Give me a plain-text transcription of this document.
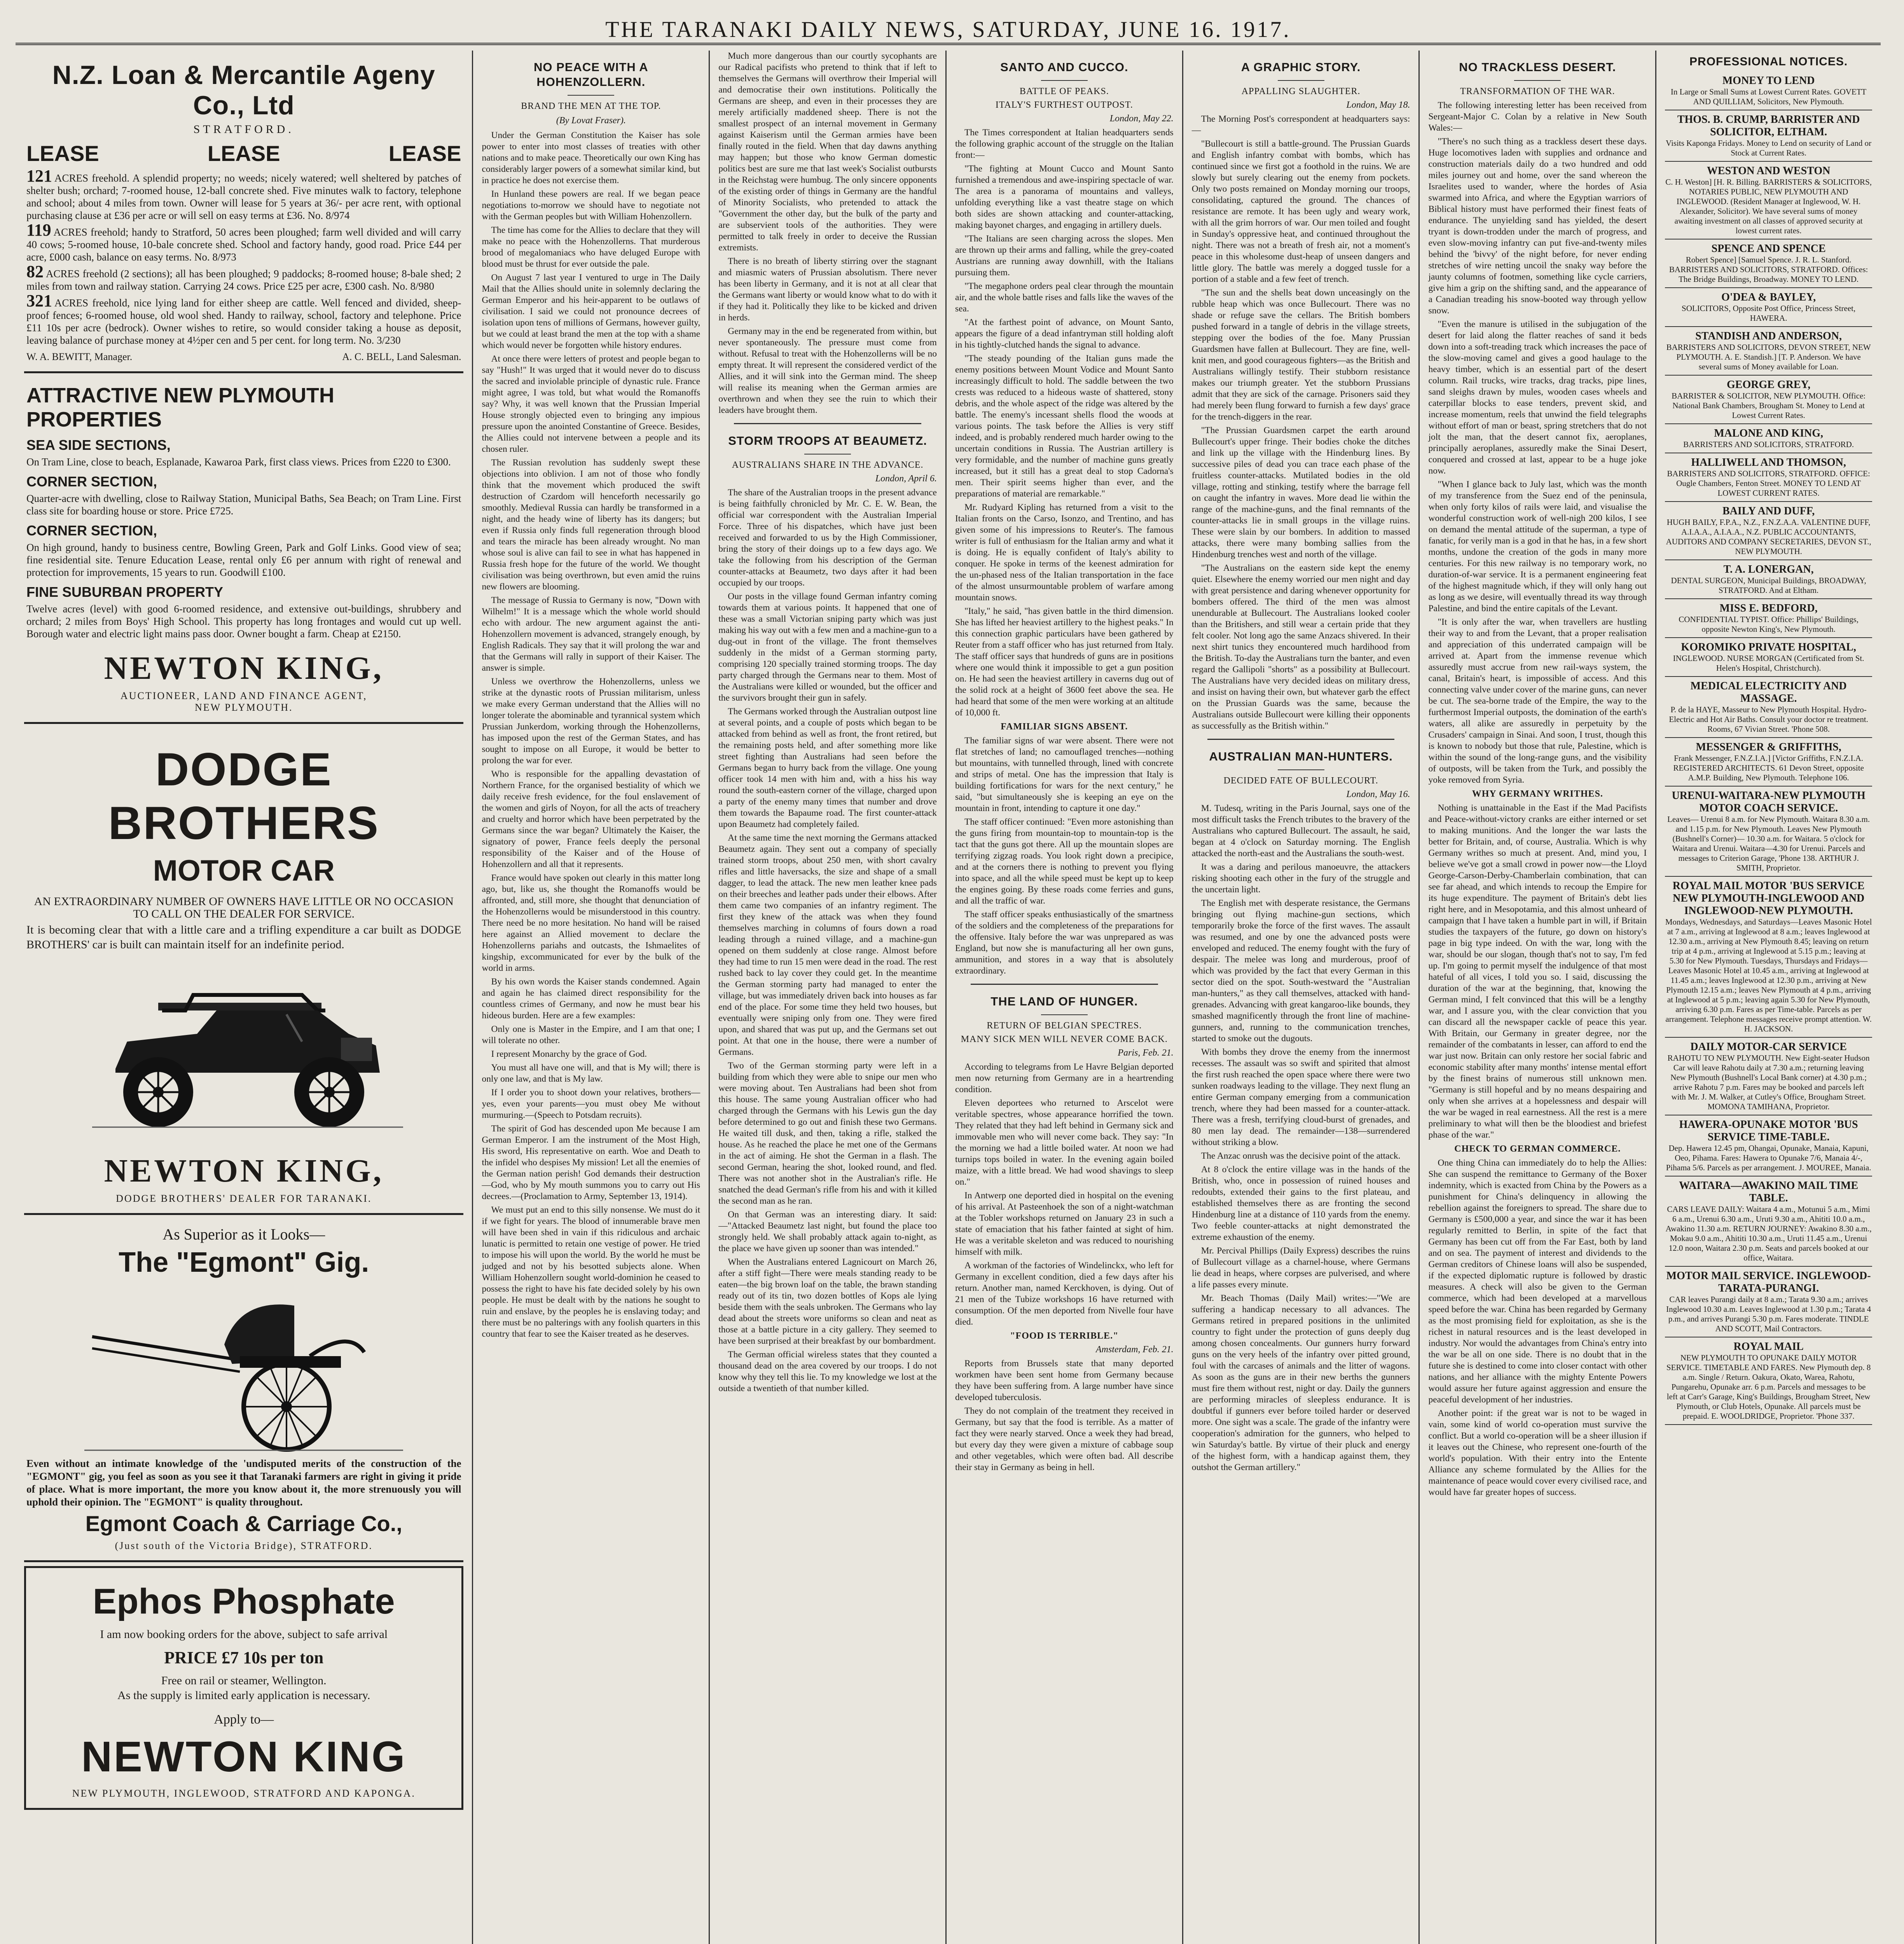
THE TARANAKI DAILY NEWS, SATURDAY, JUNE 16. 1917.
N.Z. Loan & Mercantile Ageny Co., Ltd
STRATFORD.
LEASE	LEASE	LEASE

121 ACRES freehold. A splendid property; no weeds; nicely watered; well sheltered by patches of shelter bush; orchard; 7-roomed house, 12-ball concrete shed. Five minutes walk to factory, telephone and school; about 4 miles from town. Owner will lease for 5 years at 36/- per acre rent, with optional purchasing clause at £36 per acre or will sell on easy terms at £36. No. 8/974

119 ACRES freehold; handy to Stratford, 50 acres been ploughed; farm well divided and will carry 40 cows; 5-roomed house, 10-bale concrete shed. School and factory handy, good road. Price £44 per acre, £000 cash, balance on easy terms. No. 8/973

82 ACRES freehold (2 sections); all has been ploughed; 9 paddocks; 8-roomed house; 8-bale shed; 2 miles from town and railway station. Carrying 24 cows. Price £25 per acre, £300 cash. No. 8/980

321 ACRES freehold, nice lying land for either sheep are cattle. Well fenced and divided, sheep-proof fences; 6-roomed house, old wool shed. Handy to railway, school, factory and telephone. Price £11 10s per acre (bedrock). Owner wishes to retire, so would consider taking a house as deposit, leaving balance of purchase money at 4½per cen and 5 per cent. for long term. No. 3/230

W. A. BEWITT, Manager.	A. C. BELL, Land Salesman.
ATTRACTIVE NEW PLYMOUTH PROPERTIES
SEA SIDE SECTIONS,

On Tram Line, close to beach, Esplanade, Kawaroa Park, first class views. Prices from £220 to £300.

CORNER SECTION,

Quarter-acre with dwelling, close to Railway Station, Municipal Baths, Sea Beach; on Tram Line. First class site for boarding house or store. Price £725.

CORNER SECTION,

On high ground, handy to business centre, Bowling Green, Park and Golf Links. Good view of sea; fine residential site. Tenure Education Lease, rental only £6 per annum with right of renewal and protection for improvements, 15 years to run. Goodwill £100.

FINE SUBURBAN PROPERTY

Twelve acres (level) with good 6-roomed residence, and extensive out-buildings, shrubbery and orchard; 2 miles from Boys' High School. This property has long frontages and would cut up well. Borough water and electric light mains pass door. Owner bought a farm. Cheap at £2150.

NEWTON KING,
AUCTIONEER, LAND AND FINANCE AGENT,
NEW PLYMOUTH.
DODGE BROTHERS
MOTOR CAR

AN EXTRAORDINARY NUMBER OF OWNERS HAVE LITTLE OR NO OCCASION TO CALL ON THE DEALER FOR SERVICE.

It is becoming clear that with a little care and a trifling expenditure a car built as DODGE BROTHERS' car is built can maintain itself for an indefinite period.

NEWTON KING,
DODGE BROTHERS' DEALER FOR TARANAKI.
As Superior as it Looks—
The "Egmont" Gig.

Even without an intimate knowledge of the 'undisputed merits of the construction of the "EGMONT" gig, you feel as soon as you see it that Taranaki farmers are right in giving it pride of place. What is more important, the more you know about it, the more strenuously you will uphold their opinion. The "EGMONT" is quality throughout.

Egmont Coach & Carriage Co.,
(Just south of the Victoria Bridge), STRATFORD.
Ephos Phosphate

I am now booking orders for the above, subject to safe arrival

PRICE £7 10s per ton

Free on rail or steamer, Wellington.

As the supply is limited early application is necessary.

Apply to—

NEWTON KING
NEW PLYMOUTH, INGLEWOOD, STRATFORD AND KAPONGA.
NO PEACE WITH A HOHENZOLLERN.
BRAND THE MEN AT THE TOP.
(By Lovat Fraser).

Under the German Constitution the Kaiser has sole power to enter into most classes of treaties with other nations and to make peace. Theoretically our own King has considerably larger powers of a somewhat similar kind, but in practice he does not exercise them.

In Hunland these powers are real. If we began peace negotiations to-morrow we should have to negotiate not with the German peoples but with William Hohenzollern.

The time has come for the Allies to declare that they will make no peace with the Hohenzollerns. That murderous brood of megalomaniacs who have deluged Europe with blood must be thrust for ever outside the pale.

On August 7 last year I ventured to urge in The Daily Mail that the Allies should unite in solemnly declaring the German Emperor and his heir-apparent to be outlaws of civilisation. I said we could not pronounce decrees of isolation upon tens of millions of Germans, however guilty, but we could at least brand the men at the top with a shame which would never be forgotten while history endures.

At once there were letters of protest and people began to say "Hush!" It was urged that it would never do to discuss the sacred and inviolable principle of dynastic rule. France might agree, I was told, but what would the Romanoffs say? Why, it was well known that the Prussian Imperial House strongly objected even to bringing any impious pressure upon the anointed Constantine of Greece. Besides, the Allies could not intervene between a people and its chosen ruler.

The Russian revolution has suddenly swept these objections into oblivion. I am not of those who fondly think that the movement which produced the swift destruction of Czardom will henceforth necessarily go smoothly. Medieval Russia can hardly be transformed in a night, and the heady wine of liberty has its dangers; but even if Russia only finds full regeneration through blood and tears the miracle has been already wrought. No man whose soul is alive can fail to see in what has happened in Russia fresh hope for the future of the world. We thought civilisation was being overthrown, but even amid the ruins new flowers are blooming.

The message of Russia to Germany is now, "Down with Wilhelm!" It is a message which the whole world should echo with ardour. The new argument against the anti-Hohenzollern movement is advanced, strangely enough, by English Radicals. They say that it will prolong the war and that the Germans will rally in support of their Kaiser. The answer is simple.

Unless we overthrow the Hohenzollerns, unless we strike at the dynastic roots of Prussian militarism, unless we make every German understand that the Allies will no longer tolerate the abominable and tyrannical system which Prussian Junkerdom, working through the Hohenzollerns, has imposed upon the rest of the German States, and has sought to impose on all Europe, it would be better to prolong the war for ever.

Who is responsible for the appalling devastation of Northern France, for the organised bestiality of which we daily receive fresh evidence, for the foul enslavement of the women and girls of Noyon, for all the acts of treachery and cruelty and horror which have been perpetrated by the Germans since the war began? Ultimately the Kaiser, the signatory of power, France feels deeply the personal responsibility of the Kaiser and of the House of Hohenzollern and all that it represents.

France would have spoken out clearly in this matter long ago, but, like us, she thought the Romanoffs would be affronted, and, still more, she thought that denunciation of the Hohenzollerns would be misunderstood in this country. There need be no more hesitation. No hand will be raised here against an Allied movement to declare the Hohenzollerns pariahs and outcasts, the Ishmaelites of kingship, excommunicated for ever by the bulk of the world in arms.

By his own words the Kaiser stands condemned. Again and again he has claimed direct responsibility for the countless crimes of Germany, and now he must bear his hideous burden. Here are a few examples:

Only one is Master in the Empire, and I am that one; I will tolerate no other.

I represent Monarchy by the grace of God.

You must all have one will, and that is My will; there is only one law, and that is My law.

If I order you to shoot down your relatives, brothers—yes, even your parents—you must obey Me without murmuring.—(Speech to Potsdam recruits).

The spirit of God has descended upon Me because I am German Emperor. I am the instrument of the Most High, His sword, His representative on earth. Woe and Death to the infidel who despises My mission! Let all the enemies of the German nation perish! God demands their destruction—God, who by My mouth summons you to carry out His decrees.—(Proclamation to Army, September 13, 1914).

We must put an end to this silly nonsense. We must do it if we fight for years. The blood of innumerable brave men will have been shed in vain if this ridiculous and archaic lunatic is permitted to retain one vestige of power. He tried to impose his will upon the world. By the world he must be judged and not by his besotted subjects alone. When William Hohenzollern sought world-dominion he ceased to possess the right to have his fate decided solely by his own people. He must be dealt with by the nations he sought to ruin and enslave, by the peoples he is enslaving today; and there must be no palterings with any foolish quarters in this country that fear to see the Kaiser treated as he deserves.

Much more dangerous than our courtly sycophants are our Radical pacifists who pretend to think that if left to themselves the Germans will overthrow their Imperial will and democratise their own institutions. Politically the Germans are sheep, and even in their processes they are merely artificially maddened sheep. There is not the smallest prospect of an internal movement in Germany against Kaiserism until the German armies have been finally routed in the field. When that day dawns anything may happen; but those who know German domestic politics best are sure me that last week's Socialist outbursts in the Reichstag were humbug. The only sincere opponents of the existing order of things in Germany are the handful of Minority Socialists, who pretended to attack the "Government the other day, but the bulk of the party and are subservient tools of the authorities. They were permitted to talk freely in order to deceive the Russian extremists.

There is no breath of liberty stirring over the stagnant and miasmic waters of Prussian absolutism. There never has been liberty in Germany, and it is not at all clear that the Germans want liberty or would know what to do with it if they had it. Politically they like to be kicked and driven in herds.

Germany may in the end be regenerated from within, but never spontaneously. The pressure must come from without. Refusal to treat with the Hohenzollerns will be no empty threat. It will represent the considered verdict of the Allies, and it will sink into the German mind. The sheep will realise its meaning when the German armies are overthrown and when they see the ruin to which their leaders have brought them.

STORM TROOPS AT BEAUMETZ.
AUSTRALIANS SHARE IN THE ADVANCE.
London, April 6.

The share of the Australian troops in the present advance is being faithfully chronicled by Mr. C. E. W. Bean, the official war correspondent with the Australian Imperial Force. Three of his dispatches, which have just been received and forwarded to us by the High Commissioner, bring the story of their doings up to a few days ago. We take the following from his description of the German counter-attacks at Beaumetz, two days after it had been occupied by our troops.

Our posts in the village found German infantry coming towards them at various points. It happened that one of these was a small Victorian sniping party which was just making his way out with a few men and a machine-gun to a dug-out in front of the village. The front themselves suddenly in the midst of a German storming party, comprising 120 specially trained storming troops. The day party charged through the Germans near to them. Most of the Australians were killed or wounded, but the officer and the survivors brought their gun in safely.

The Germans worked through the Australian outpost line at several points, and a couple of posts which began to be attacked from behind as well as front, the front retired, but the remaining posts held, and after something more like street fighting than Australians had seen before the Germans began to hurry back from the village. One young officer took 14 men with him and, with a hiss his way round the south-eastern corner of the village, charged upon a party of the enemy many times that number and drove them towards the Bapaume road. The first counter-attack upon Beaumetz had completely failed.

At the same time the next morning the Germans attacked Beaumetz again. They sent out a company of specially trained storm troops, about 250 men, with short cavalry rifles and little haversacks, the size and shape of a small dagger, to lead the attack. The new men leather knee pads on their breeches and leather pads under their elbows. After them came two companies of an infantry regiment. The first they knew of the attack was when they found themselves marching in columns of fours down a road leading through a ruined village, and a machine-gun opened on them suddenly at close range. Almost before they had time to run 15 men were dead in the road. The rest rushed back to lay cover they could get. In the meantime the German storming party had managed to enter the village, but was immediately driven back into houses as far end of the place. For some time they held two houses, but eventually were sniping only from one. They were fired upon, and shared that was put up, and the Germans set out point. At that one in the house, there were a number of Germans.

Two of the German storming party were left in a building from which they were able to snipe our men who were moving about. Ten Australians had been shot from this house. The same young Australian officer who had charged through the Germans with his Lewis gun the day before determined to go out and finish these two Germans. He waited till dusk, and then, taking a rifle, stalked the house. As he reached the place he met one of the Germans in the act of aiming. He shot the German in a flash. The second German, hearing the shot, looked round, and fled. There was not another shot in the Australian's rifle. He snatched the dead German's rifle from his and with it killed the second man as he ran.

On that German was an interesting diary. It said:—"Attacked Beaumetz last night, but found the place too strongly held. We shall probably attack again to-night, as the place we have given up sooner than was intended."

When the Australians entered Lagnicourt on March 26, after a stiff fight—There were meals standing ready to be eaten—the big brown loaf on the table, the brawn standing ready out of its tin, two dozen bottles of Kops ale lying beside them with the seals unbroken. The Germans who lay dead about the streets wore uniforms so clean and neat as those at a battle picture in a city gallery. They seemed to have been surprised at their breakfast by our bombardment.

The German official wireless states that they counted a thousand dead on the area covered by our troops. I do not know why they tell this lie. To my knowledge we lost at the outside a twentieth of that number killed.

SANTO AND CUCCO.
BATTLE OF PEAKS.
ITALY'S FURTHEST OUTPOST.
London, May 22.

The Times correspondent at Italian headquarters sends the following graphic account of the struggle on the Italian front:—

"The fighting at Mount Cucco and Mount Santo furnished a tremendous and awe-inspiring spectacle of war. The area is a panorama of mountains and valleys, unfolding everything like a vast theatre stage on which both sides are shown attacking and counter-attacking, making bayonet charges, and engaging in artillery duels.

"The Italians are seen charging across the slopes. Men are thrown up their arms and falling, while the grey-coated Austrians are running away downhill, with the Italians pursuing them.

"The megaphone orders peal clear through the mountain air, and the whole battle rises and falls like the waves of the sea.

"At the farthest point of advance, on Mount Santo, appears the figure of a dead infantryman still holding aloft in his tightly-clutched hands the signal to advance.

"The steady pounding of the Italian guns made the enemy positions between Mount Vodice and Mount Santo increasingly difficult to hold. The saddle between the two crests was reduced to a hideous waste of shattered, stony debris, and the whole aspect of the ridge was altered by the battle. The enemy's incessant shells flood the woods at various points. The task before the Allies is very stiff indeed, and is probably rendered much harder owing to the uncertain conditions in Russia. The Austrian artillery is very formidable, and the number of machine guns greatly increased, but it still has a great deal to stop Cadorna's men. Their spirit seems higher than ever, and the preparations of material are remarkable."

Mr. Rudyard Kipling has returned from a visit to the Italian fronts on the Carso, Isonzo, and Trentino, and has given some of his impressions to Reuter's. The famous writer is full of enthusiasm for the Italian army and what it is doing. He is equally confident of Italy's ability to conquer. He spoke in terms of the keenest admiration for the un-phased ness of the Italian transportation in the face of the almost unsurmountable problem of warfare among mountain snows.

"Italy," he said, "has given battle in the third dimension. She has lifted her heaviest artillery to the highest peaks." In this connection graphic particulars have been gathered by Reuter from a staff officer who has just returned from Italy. The staff officer says that hundreds of guns are in positions where one would think it impossible to get a gun position on. He had seen the heaviest artillery in caverns dug out of the solid rock at a height of 3600 feet above the sea. He had heard that some of the men were working at an altitude of 10,000 ft.

FAMILIAR SIGNS ABSENT.

The familiar signs of war were absent. There were not flat stretches of land; no camouflaged trenches—nothing but mountains, with tunnelled through, lined with concrete and strips of metal. One has the impression that Italy is building fortifications for wars for the next century," he said, "but simultaneously she is keeping an eye on the mountain in front, intending to capture it one day."

The staff officer continued: "Even more astonishing than the guns firing from mountain-top to mountain-top is the tact that the guns got there. All up the mountain slopes are terrifying zigzag roads. You look right down a precipice, and at the corners there is nothing to prevent you flying into space, and all the while speed must be kept up to keep the engines going. By these roads come ferries and guns, and all the traffic of war.

The staff officer speaks enthusiastically of the smartness of the soldiers and the completeness of the preparations for the offensive. Italy before the war was unprepared as was England, but now she is manufacturing all her own guns, ammunition, and stores in a way that is absolutely extraordinary.

THE LAND OF HUNGER.
RETURN OF BELGIAN SPECTRES.
MANY SICK MEN WILL NEVER COME BACK.
Paris, Feb. 21.

According to telegrams from Le Havre Belgian deported men now returning from Germany are in a heartrending condition.

Eleven deportees who returned to Arscelot were veritable spectres, whose appearance horrified the town. They related that they had left behind in Germany sick and immovable men who will never come back. They say: "In the morning we had a little boiled water. At noon we had turnips tops boiled in water. In the evening again boiled maize, with a little bread. We had wood shavings to sleep on."

In Antwerp one deported died in hospital on the evening of his arrival. At Pasteenhoek the son of a night-watchman at the Tobler workshops returned on January 23 in such a state of emaciation that his father fainted at sight of him. He was a veritable skeleton and was reduced to nourishing himself with milk.

A workman of the factories of Windelinckx, who left for Germany in excellent condition, died a few days after his return. Another man, named Kerckhoven, is dying. Out of 21 men of the Tubize workshops 16 have returned with consumption. Of the men deported from Nivelle four have died.

"FOOD IS TERRIBLE."
Amsterdam, Feb. 21.

Reports from Brussels state that many deported workmen have been sent home from Germany because they have been suffering from. A large number have since developed tuberculosis.

They do not complain of the treatment they received in Germany, but say that the food is terrible. As a matter of fact they were nearly starved. Once a week they had bread, but every day they were given a mixture of cabbage soup and other vegetables, which were often bad. All describe their stay in Germany as being in hell.

A GRAPHIC STORY.
APPALLING SLAUGHTER.
London, May 18.

The Morning Post's correspondent at headquarters says:—

"Bullecourt is still a battle-ground. The Prussian Guards and English infantry combat with bombs, which has continued since we first got a foothold in the ruins. We are slowly but surely clearing out the enemy from pockets. Only two posts remained on Monday morning our troops, consolidating, captured the ground. The chances of resistance are remote. It has been ugly and weary work, with all the grim horrors of war. Our men toiled and fought in Sunday's oppressive heat, and continued throughout the night. There was not a breath of fresh air, not a moment's peace in this wholesome dust-heap of unseen dangers and little glory. The battle was merely a dogged tussle for a portion of a stable and a few feet of trench.

"The sun and the shells beat down unceasingly on the rubble heap which was once Bullecourt. There was no shade or refuge save the cellars. The British bombers pushed forward in a tangle of debris in the village streets, stepping over the bodies of the foe. Many Prussian Guardsmen have fallen at Bullecourt. They are fine, well-knit men, and good courageous fighters—as the British and Australians willingly testify. Their stubborn resistance makes our triumph greater. Yet the stubborn Prussians admit that they are sick of the carnage. Prisoners said they had merely been flung forward to furnish a few days' grace for the trench-diggers in the rear.

"The Prussian Guardsmen carpet the earth around Bullecourt's upper fringe. Their bodies choke the ditches and link up the village with the Hindenburg lines. By successive piles of dead you can trace each phase of the fruitless counter-attacks. Mutilated bodies in the old village, rotting and stinking, testify where the barrage fell on caught the infantry in waves. More dead lie within the range of the machine-guns, and the final remnants of the counter-attacks lie in small groups in the village ruins. These were slain by our bombers. In addition to massed attacks, there were many bombing sallies from the Hindenburg trenches west and north of the village.

"The Australians on the eastern side kept the enemy quiet. Elsewhere the enemy worried our men night and day with great persistence and daring whenever opportunity for bombers offered. The third of the men was almost unendurable at Bullecourt. The Australians looked cooler than the Britishers, and still wear a certain pride that they felt cooler. Not long ago the same Anzacs shivered. In their next shirt tunics they encountered much hardihood from the British. To-day the Australians turn the banter, and even regard the Gallipoli "shorts" as a possibility at Bullecourt. The Australians have very decided ideas on military dress, and insist on having their own, but whatever garb the effect on the Prussian Guards was the same, because the Australians outside Bullecourt were killing their opponents as successfully as the British within."

AUSTRALIAN MAN-HUNTERS.
DECIDED FATE OF BULLECOURT.
London, May 16.

M. Tudesq, writing in the Paris Journal, says one of the most difficult tasks the French tributes to the bravery of the Australians who captured Bullecourt. The assault, he said, began at 4 o'clock on Saturday morning. The English attacked the north-east and the Australians the south-west.

It was a daring and perilous manoeuvre, the attackers risking shooting each other in the fury of the struggle and the uncertain light.

The English met with desperate resistance, the Germans bringing out flying machine-gun sections, which temporarily broke the force of the first waves. The assault was resumed, and one by one the advanced posts were enveloped and reduced. The enemy fought with the fury of despair. The melee was long and murderous, proof of which was provided by the fact that every German in this sector died on the spot. South-westward the "Australian man-hunters," as they call themselves, attacked with hand-grenades. Advancing with great kangaroo-like bounds, they smashed magnificently through the front line of machine-gunners, and, running to the communication trenches, started to smoke out the dugouts.

With bombs they drove the enemy from the innermost recesses. The assault was so swift and spirited that almost the first rush reached the open space where there were two sunken roadways leading to the village. They next flung an entire German company emerging from a communication trench, where they had been massed for a counter-attack. There was a fresh, terrifying cloud-burst of grenades, and 80 men lay dead. The remainder—138—surrendered without striking a blow.

The Anzac onrush was the decisive point of the attack.

At 8 o'clock the entire village was in the hands of the British, who, once in possession of ruined houses and redoubts, extended their gains to the first plateau, and established themselves there as are fronting the second Hindenburg line at a distance of 110 yards from the enemy. Two feeble counter-attacks at night demonstrated the extreme exhaustion of the enemy.

Mr. Percival Phillips (Daily Express) describes the ruins of Bullecourt village as a charnel-house, where Germans lie dead in heaps, where corpses are pulverised, and where a life passes every minute.

Mr. Beach Thomas (Daily Mail) writes:—"We are suffering a handicap necessary to all advances. The Germans retired in prepared positions in the unlimited country to fight under the protection of guns deeply dug among chosen concealments. Our gunners hurry forward guns on the very heels of the infantry over pitted ground, foul with the carcases of animals and the litter of wagons. As soon as the guns are in their new berths the gunners must fire them without rest, night or day. Daily the gunners are performing miracles of sleepless endurance. It is doubtful if gunners ever before toiled harder or deserved more. One sight was a scale. The grade of the infantry were cooperation's admiration for the gunners, who helped to win Saturday's battle. By virtue of their pluck and energy of the highest form, with a handicap against them, they outshot the German artillery."

NO TRACKLESS DESERT.
TRANSFORMATION OF THE WAR.

The following interesting letter has been received from Sergeant-Major C. Colan by a relative in New South Wales:—

"There's no such thing as a trackless desert these days. Huge locomotives laden with supplies and ordnance and construction materials daily do a two hundred and odd miles journey out and home, over the sand whereon the Israelites used to wander, where the hordes of Asia swarmed into Africa, and where the Egyptian warriors of Biblical history must have performed their finest feats of endurance. The unyielding sand has yielded, the desert tryant is down-trodden under the march of progress, and even slow-moving infantry can put five-and-twenty miles behind the 'bivvy' of the night before, for never ending stretches of wire netting uncoil the snaky way before the jaunty columns of footmen, something like cycle carriers, give him a grip on the shifting sand, and the appearance of a Canadian treading his snow-booted way through yellow snow.

"Even the manure is utilised in the subjugation of the desert for laid along the flatter reaches of sand it beds down into a soft-treading track which increases the pace of the slow-moving camel and gives a good haulage to the heavy timber, which is an essential part of the desert column. Rail trucks, wire tracks, drag tracks, pipe lines, sand sleighs drawn by mules, wooden cases wheels and caterpillar blocks to ease tenders, prevent skid, and increase momentum, reels that unwind the field telegraphs without effort of man or beast, spring stretchers that do not jolt the man, that the desert cannot fix, aeroplanes, principally aeroplanes, assuredly make the Sinai Desert, conquered and crossed at last, appear to be a huge joke now.

"When I glance back to July last, which was the month of my transference from the Suez end of the peninsula, when only forty kilos of rails were laid, and visualise the wonderful construction work of well-nigh 200 kilos, I see on demand the mental attitude of the superman, a type of fanatic, for verily man is a god in that he has, in a few short months, undone the creation of the gods in many more centuries. For this new railway is no temporary work, no duration-of-war service. It is a permanent engineering feat of the highest magnitude which, if they will only hang out as long as we desire, will eventually thread its way through Palestine, and bind the entire capitals of the Levant.

"It is only after the war, when travellers are hustling their way to and from the Levant, that a proper realisation and appreciation of this underrated campaign will be arrived at. Apart from the immense revenue which assuredly must accrue from new rail-ways system, the canal, Britain's heart, is impossible of access. And this connecting valve under cover of the marine guns, can never be cut. The sea-borne trade of the Empire, the way to the furthermost Imperial outposts, the domination of the earth's waters, all alike are assuredly in perpetuity by the Crusaders' campaign in Sinai. And soon, I trust, though this is known to nobody but those that rule, Palestine, which is within the sound of the long-range guns, and the visibility of outposts, will be taken from the Turk, and possibly the yoke removed from Syria.

WHY GERMANY WRITHES.

Nothing is unattainable in the East if the Mad Pacifists and Peace-without-victory cranks are either interned or set to making munitions. And the longer the war lasts the better for Britain, and, of course, Australia. Which is why Germany writhes so much at present. And, mind you, I believe we've got a small crowd in power now—the Lloyd George-Carson-Derby-Chamberlain combination, that can see far ahead, and which intends to recoup the Empire for its huge expenditure. The payment of Britain's debt lies right here, and in Mesopotamia, and this almost unheard of campaign that I have taken a humble part in will, if Britain studies the taxpayers of the future, go down on history's page in big type indeed. On with the war, long with the war, should be our slogan, though that's not to say, I'm fed up. I'm going to permit myself the indulgence of that most hateful of all vices, I told you so. I said, discussing the duration of the war at the beginning, that, knowing the German mind, I felt convinced that this will be a lengthy war, and I assure you, with the clear conviction that you can discard all the newspaper cackle of peace this year. With Britain, our Germany in greater degree, nor the remainder of the combatants in lesser, can afford to end the war just now. Britain can only restore her social fabric and economic stability after many months' intense mental effort by the finest brains of numerous still unknown men. "Germany is still hopeful and by no means despairing and only when she arrives at a hopelessness and despair will the war be waged in real earnestness. All the rest is a mere preliminary to what will then be the bloodiest and briefest phase of the war."

CHECK TO GERMAN COMMERCE.

One thing China can immediately do to help the Allies: She can suspend the remittance to Germany of the Boxer indemnity, which is exacted from China by the Powers as a punishment for China's delinquency in allowing the rebellion against the foreigners to spread. The share due to Germany is £500,000 a year, and since the war it has been regularly remitted to Berlin, in spite of the fact that Germany has been cut off from the Far East, both by land and on sea. The payment of interest and dividends to the German creditors of Chinese loans will also be suspended, if the expected diplomatic rupture is followed by drastic measures. A check will also be given to the German commerce, which had been developed at a marvellous speed before the war. China has been regarded by Germany as the most promising field for exploitation, as she is the richest in natural resources and is the least developed in industry. Nor would the advantages from China's entry into the war be all on one side. There is no doubt that in the future she is destined to come into closer contact with other nations, and her alliance with the mighty Entente Powers would assure her future against aggression and ensure the peaceful development of her industries.

Another point: if the great war is not to be waged in vain, some kind of world co-operation must survive the conflict. But a world co-operation will be a sheer illusion if it leaves out the Chinese, who represent one-fourth of the world's population. With their entry into the Entente Alliance any scheme formulated by the Allies for the maintenance of peace would cover every civilised race, and would have far greater hopes of success.

PROFESSIONAL NOTICES.
MONEY TO LEND
In Large or Small Sums at Lowest Current Rates. GOVETT AND QUILLIAM, Solicitors, New Plymouth.
THOS. B. CRUMP, BARRISTER AND SOLICITOR, ELTHAM.
Visits Kaponga Fridays. Money to Lend on security of Land or Stock at Current Rates.
WESTON AND WESTON
C. H. Weston] [H. R. Billing. BARRISTERS & SOLICITORS, NOTARIES PUBLIC, NEW PLYMOUTH AND INGLEWOOD. (Resident Manager at Inglewood, W. H. Alexander, Solicitor). We have several sums of money awaiting investment on all classes of approved security at lowest current rates.
SPENCE AND SPENCE
Robert Spence] [Samuel Spence. J. R. L. Stanford. BARRISTERS AND SOLICITORS, STRATFORD. Offices: The Bridge Buildings, Broadway. MONEY TO LEND.
O'DEA & BAYLEY,
SOLICITORS, Opposite Post Office, Princess Street, HAWERA.
STANDISH AND ANDERSON,
BARRISTERS AND SOLICITORS, DEVON STREET, NEW PLYMOUTH. A. E. Standish.] [T. P. Anderson. We have several sums of Money available for Loan.
GEORGE GREY,
BARRISTER & SOLICITOR, NEW PLYMOUTH. Office: National Bank Chambers, Brougham St. Money to Lend at Lowest Current Rates.
MALONE AND KING,
BARRISTERS AND SOLICITORS, STRATFORD.
HALLIWELL AND THOMSON,
BARRISTERS AND SOLICITORS, STRATFORD. OFFICE: Ougle Chambers, Fenton Street. MONEY TO LEND AT LOWEST CURRENT RATES.
BAILY AND DUFF,
HUGH BAILY, F.P.A., N.Z., F.N.Z.A.A. VALENTINE DUFF, A.I.A.A., A.I.A.A., N.Z. PUBLIC ACCOUNTANTS, AUDITORS AND COMPANY SECRETARIES, DEVON ST., NEW PLYMOUTH.
T. A. LONERGAN,
DENTAL SURGEON, Municipal Buildings, BROADWAY, STRATFORD. And at Eltham.
MISS E. BEDFORD,
CONFIDENTIAL TYPIST. Office: Phillips' Buildings, opposite Newton King's, New Plymouth.
KOROMIKO PRIVATE HOSPITAL,
INGLEWOOD. NURSE MORGAN (Certificated from St. Helen's Hospital, Christchurch).
MEDICAL ELECTRICITY AND MASSAGE.
P. de la HAYE, Masseur to New Plymouth Hospital. Hydro-Electric and Hot Air Baths. Consult your doctor re treatment. Rooms, 67 Vivian Street. 'Phone 508.
MESSENGER & GRIFFITHS,
Frank Messenger, F.N.Z.I.A.] [Victor Griffiths, F.N.Z.I.A. REGISTERED ARCHITECTS. 61 Devon Street, opposite A.M.P. Building, New Plymouth. Telephone 106.
URENUI-WAITARA-NEW PLYMOUTH MOTOR COACH SERVICE.
Leaves— Urenui 8 a.m. for New Plymouth. Waitara 8.30 a.m. and 1.15 p.m. for New Plymouth. Leaves New Plymouth (Bushnell's Corner)— 10.30 a.m. for Waitara. 5 o'clock for Waitara and Urenui. Waitara—4.30 for Urenui. Parcels and messages to Criterion Garage, 'Phone 138. ARTHUR J. SMITH, Proprietor.
ROYAL MAIL MOTOR 'BUS SERVICE NEW PLYMOUTH-INGLEWOOD AND INGLEWOOD-NEW PLYMOUTH.
Mondays, Wednesdays, and Saturdays—Leaves Masonic Hotel at 7 a.m., arriving at Inglewood at 8 a.m.; leaves Inglewood at 12.30 a.m., arriving at New Plymouth 8.45; leaving on return trip at 4 p.m., arriving at Inglewood at 5.15 p.m.; leaving at 5.30 for New Plymouth. Tuesdays, Thursdays and Fridays—Leaves Masonic Hotel at 10.45 a.m., arriving at Inglewood at 11.45 a.m.; leaves Inglewood at 12.30 p.m., arriving at New Plymouth 12.15 a.m.; leaves New Plymouth at 4 p.m., arriving at Inglewood at 5 p.m.; leaving again 5.30 for New Plymouth, arriving 6.30 p.m. Fares as per Time-table. Parcels as per arrangement. Telephone messages receive prompt attention. W. H. JACKSON.
DAILY MOTOR-CAR SERVICE
RAHOTU TO NEW PLYMOUTH. New Eight-seater Hudson Car will leave Rahotu daily at 7.30 a.m.; returning leaving New Plymouth (Bushnell's Local Bank corner) at 4.30 p.m.; arrive Rahotu 7 p.m. Fares may be booked and parcels left with Mr. J. M. Walker, at Cutley's Office, Brougham Street. MOMONA TAMIHANA, Proprietor.
HAWERA-OPUNAKE MOTOR 'BUS SERVICE TIME-TABLE.
Dep. Hawera 12.45 pm, Ohangai, Opunake, Manaia, Kapuni, Oeo, Pihama. Fares: Hawera to Opunake 7/6, Manaia 4/-, Pihama 5/6. Parcels as per arrangement. J. MOUREE, Manaia.
WAITARA—AWAKINO MAIL TIME TABLE.
CARS LEAVE DAILY: Waitara 4 a.m., Motunui 5 a.m., Mimi 6 a.m., Urenui 6.30 a.m., Uruti 9.30 a.m., Ahititi 10.0 a.m., Awakino 11.30 a.m. RETURN JOURNEY: Awakino 8.30 a.m., Mokau 9.0 a.m., Ahititi 10.30 a.m., Uruti 11.45 a.m., Urenui 12.0 noon, Waitara 2.30 p.m. Seats and parcels booked at our office, Waitara.
MOTOR MAIL SERVICE. INGLEWOOD-TARATA-PURANGI.
CAR leaves Purangi daily at 8 a.m.; Tarata 9.30 a.m.; arrives Inglewood 10.30 a.m. Leaves Inglewood at 1.30 p.m.; Tarata 4 p.m., and arrives Purangi 5.30 p.m. Fares moderate. TINDLE AND SCOTT, Mail Contractors.
ROYAL MAIL
NEW PLYMOUTH TO OPUNAKE DAILY MOTOR SERVICE. TIMETABLE AND FARES. New Plymouth dep. 8 a.m. Single / Return. Oakura, Okato, Warea, Rahotu, Pungarehu, Opunake arr. 6 p.m. Parcels and messages to be left at Carr's Garage, King's Buildings, Brougham Street, New Plymouth, or Club Hotels, Opunake. All parcels must be prepaid. E. WOOLDRIDGE, Proprietor. 'Phone 337.
